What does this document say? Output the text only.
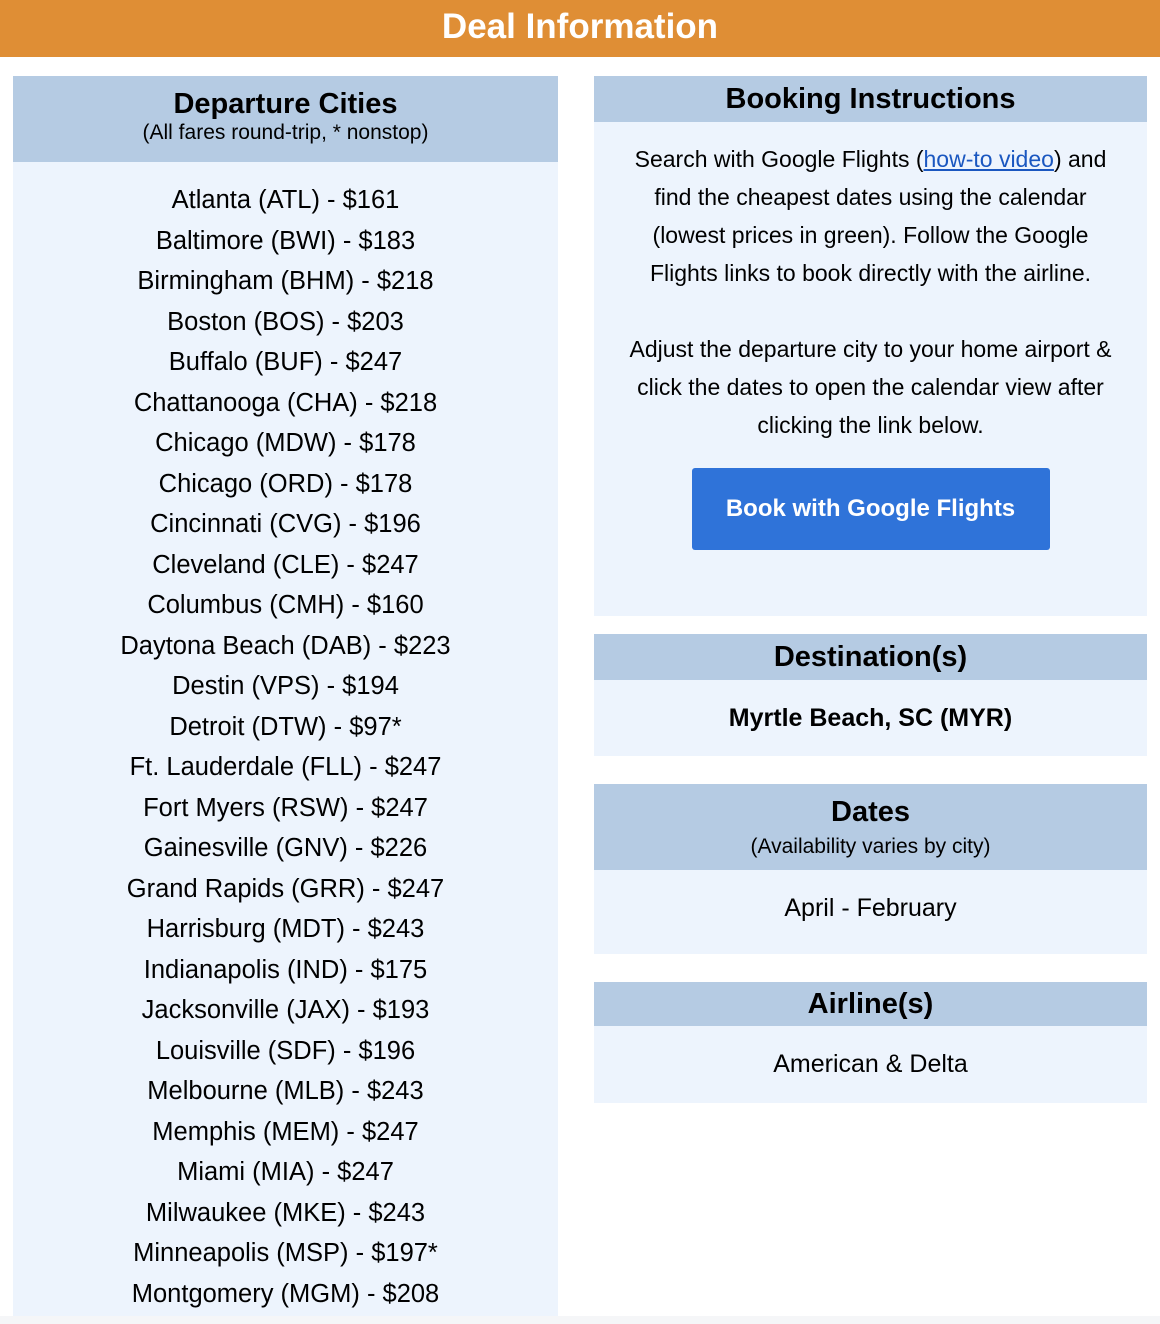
Deal Information
Departure Cities

(All fares round-trip, * nonstop)

Atlanta (ATL) - $161
Baltimore (BWI) - $183
Birmingham (BHM) - $218
Boston (BOS) - $203
Buffalo (BUF) - $247
Chattanooga (CHA) - $218
Chicago (MDW) - $178
Chicago (ORD) - $178
Cincinnati (CVG) - $196
Cleveland (CLE) - $247
Columbus (CMH) - $160
Daytona Beach (DAB) - $223
Destin (VPS) - $194
Detroit (DTW) - $97*
Ft. Lauderdale (FLL) - $247
Fort Myers (RSW) - $247
Gainesville (GNV) - $226
Grand Rapids (GRR) - $247
Harrisburg (MDT) - $243
Indianapolis (IND) - $175
Jacksonville (JAX) - $193
Louisville (SDF) - $196
Melbourne (MLB) - $243
Memphis (MEM) - $247
Miami (MIA) - $247
Milwaukee (MKE) - $243
Minneapolis (MSP) - $197*
Montgomery (MGM) - $208
Booking Instructions

Search with Google Flights (how-to video) and find the cheapest dates using the calendar (lowest prices in green). Follow the Google Flights links to book directly with the airline.

Adjust the departure city to your home airport & click the dates to open the calendar view after clicking the link below.

Book with Google Flights
Destination(s)
Myrtle Beach, SC (MYR)
Dates
(Availability varies by city)
April - February
Airline(s)
American & Delta
